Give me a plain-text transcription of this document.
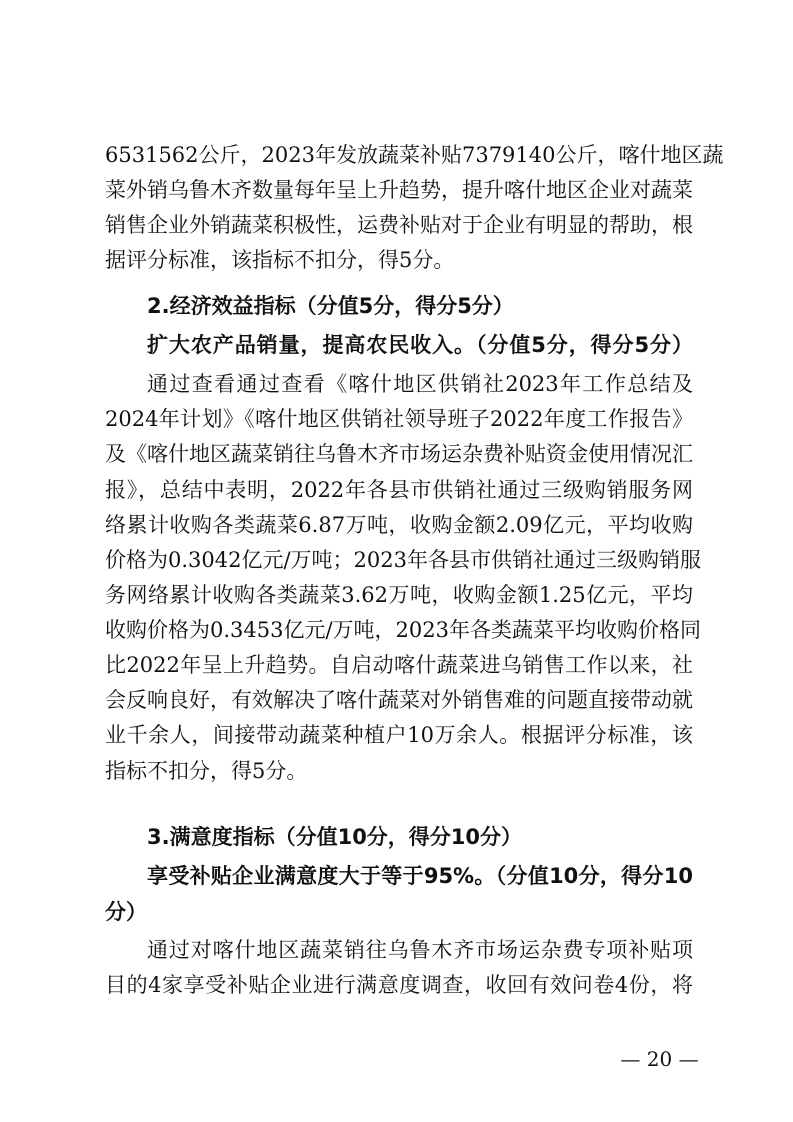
6531562公斤，2023年发放蔬菜补贴7379140公斤，喀什地区蔬
菜外销乌鲁木齐数量每年呈上升趋势，提升喀什地区企业对蔬菜
销售企业外销蔬菜积极性，运费补贴对于企业有明显的帮助，根
据评分标准，该指标不扣分，得5分。
2.经济效益指标（分值5分，得分5分）
扩大农产品销量，提高农民收入。（分值5分，得分5分）
通过查看通过查看《喀什地区供销社2023年工作总结及
2024年计划》《喀什地区供销社领导班子2022年度工作报告》
及《喀什地区蔬菜销往乌鲁木齐市场运杂费补贴资金使用情况汇
报》，总结中表明，2022年各县市供销社通过三级购销服务网
络累计收购各类蔬菜6.87万吨，收购金额2.09亿元，平均收购
价格为0.3042亿元/万吨；2023年各县市供销社通过三级购销服
务网络累计收购各类蔬菜3.62万吨，收购金额1.25亿元，平均
收购价格为0.3453亿元/万吨，2023年各类蔬菜平均收购价格同
比2022年呈上升趋势。自启动喀什蔬菜进乌销售工作以来，社
会反响良好，有效解决了喀什蔬菜对外销售难的问题直接带动就
业千余人，间接带动蔬菜种植户10万余人。根据评分标准，该
指标不扣分，得5分。
3.满意度指标（分值10分，得分10分）
享受补贴企业满意度大于等于95%。（分值10分，得分10
分）
通过对喀什地区蔬菜销往乌鲁木齐市场运杂费专项补贴项
目的4家享受补贴企业进行满意度调查，收回有效问卷4份，将
— 20 —
